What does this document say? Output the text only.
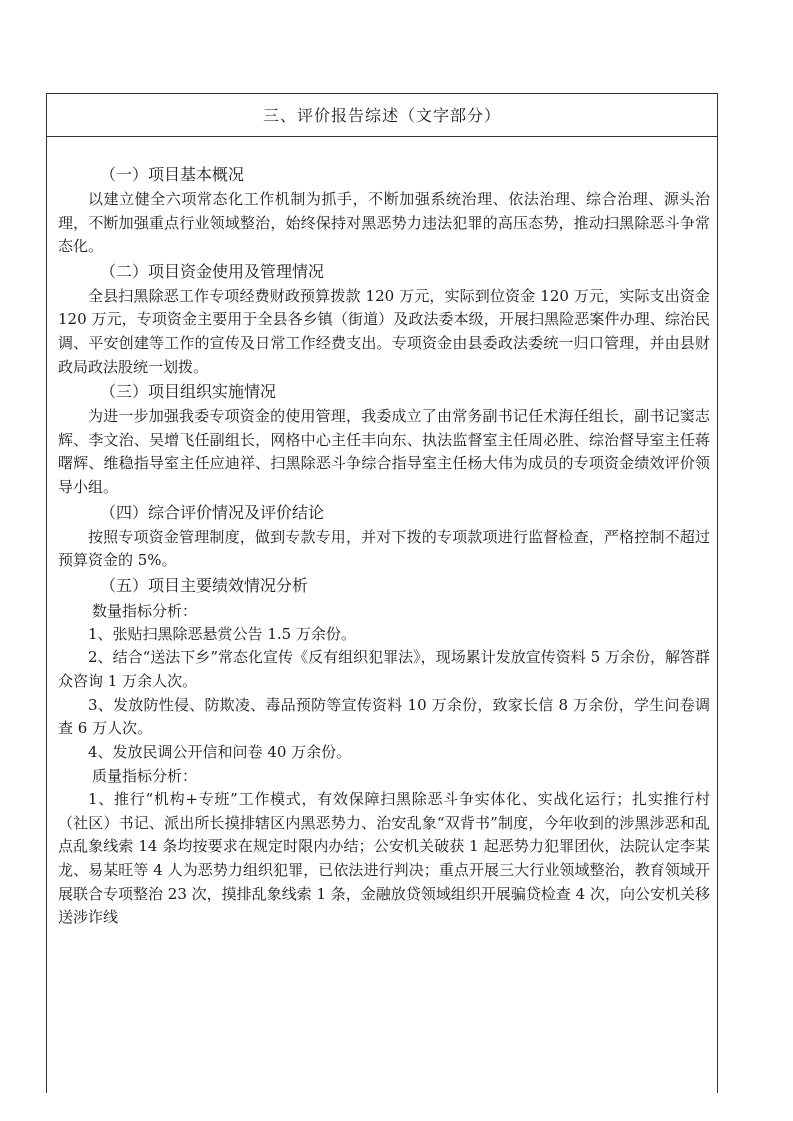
三、评价报告综述（文字部分）
（一）项目基本概况

以建立健全六项常态化工作机制为抓手，不断加强系统治理、依法治理、综合治理、源头治理，不断加强重点行业领域整治，始终保持对黑恶势力违法犯罪的高压态势，推动扫黑除恶斗争常态化。

（二）项目资金使用及管理情况

全县扫黑除恶工作专项经费财政预算拨款 120 万元，实际到位资金 120 万元，实际支出资金 120 万元，专项资金主要用于全县各乡镇（街道）及政法委本级，开展扫黑险恶案件办理、综治民调、平安创建等工作的宣传及日常工作经费支出。专项资金由县委政法委统一归口管理，并由县财政局政法股统一划拨。

（三）项目组织实施情况

为进一步加强我委专项资金的使用管理，我委成立了由常务副书记任术海任组长，副书记窦志辉、李文治、吴增飞任副组长，网格中心主任丰向东、执法监督室主任周必胜、综治督导室主任蒋曙辉、维稳指导室主任应迪祥、扫黑除恶斗争综合指导室主任杨大伟为成员的专项资金绩效评价领导小组。

（四）综合评价情况及评价结论

按照专项资金管理制度，做到专款专用，并对下拨的专项款项进行监督检查，严格控制不超过预算资金的 5%。

（五）项目主要绩效情况分析
数量指标分析：

1、张贴扫黑除恶悬赏公告 1.5 万余份。

2、结合“送法下乡”常态化宣传《反有组织犯罪法》，现场累计发放宣传资料 5 万余份，解答群众咨询 1 万余人次。

3、发放防性侵、防欺凌、毒品预防等宣传资料 10 万余份，致家长信 8 万余份，学生问卷调查 6 万人次。

4、发放民调公开信和问卷 40 万余份。

质量指标分析：

1、推行“机构+专班”工作模式，有效保障扫黑除恶斗争实体化、实战化运行；扎实推行村（社区）书记、派出所长摸排辖区内黑恶势力、治安乱象“双背书”制度，今年收到的涉黑涉恶和乱点乱象线索 14 条均按要求在规定时限内办结；公安机关破获 1 起恶势力犯罪团伙，法院认定李某龙、易某旺等 4 人为恶势力组织犯罪，已依法进行判决；重点开展三大行业领域整治，教育领域开展联合专项整治 23 次，摸排乱象线索 1 条，金融放贷领域组织开展骗贷检查 4 次，向公安机关移送涉诈线
